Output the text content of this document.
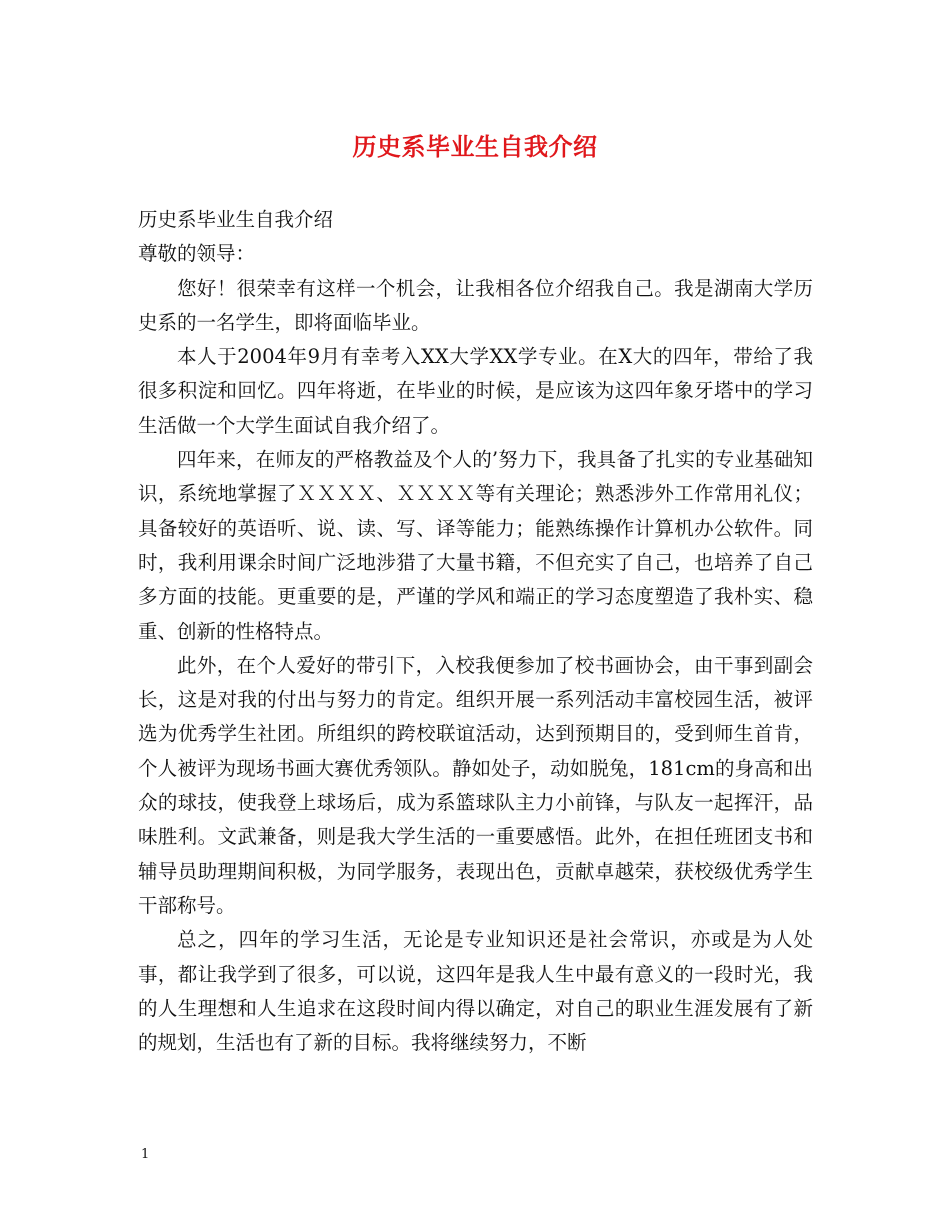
历史系毕业生自我介绍

历史系毕业生自我介绍

尊敬的领导：

您好！很荣幸有这样一个机会，让我相各位介绍我自己。我是湖南大学历史系的一名学生，即将面临毕业。

本人于2004年9月有幸考入XX大学XX学专业。在X大的四年，带给了我很多积淀和回忆。四年将逝，在毕业的时候，是应该为这四年象牙塔中的学习生活做一个大学生面试自我介绍了。

四年来，在师友的严格教益及个人的’努力下，我具备了扎实的专业基础知识，系统地掌握了ＸＸＸＸ、ＸＸＸＸ等有关理论；熟悉涉外工作常用礼仪；具备较好的英语听、说、读、写、译等能力；能熟练操作计算机办公软件。同时，我利用课余时间广泛地涉猎了大量书籍，不但充实了自己，也培养了自己多方面的技能。更重要的是，严谨的学风和端正的学习态度塑造了我朴实、稳重、创新的性格特点。

此外，在个人爱好的带引下，入校我便参加了校书画协会，由干事到副会长，这是对我的付出与努力的肯定。组织开展一系列活动丰富校园生活，被评选为优秀学生社团。所组织的跨校联谊活动，达到预期目的，受到师生首肯，个人被评为现场书画大赛优秀领队。静如处子，动如脱兔，181cm的身高和出众的球技，使我登上球场后，成为系篮球队主力小前锋，与队友一起挥汗，品味胜利。文武兼备，则是我大学生活的一重要感悟。此外，在担任班团支书和辅导员助理期间积极，为同学服务，表现出色，贡献卓越荣，获校级优秀学生干部称号。

总之，四年的学习生活，无论是专业知识还是社会常识，亦或是为人处事，都让我学到了很多，可以说，这四年是我人生中最有意义的一段时光，我的人生理想和人生追求在这段时间内得以确定，对自己的职业生涯发展有了新的规划，生活也有了新的目标。我将继续努力，不断

1
